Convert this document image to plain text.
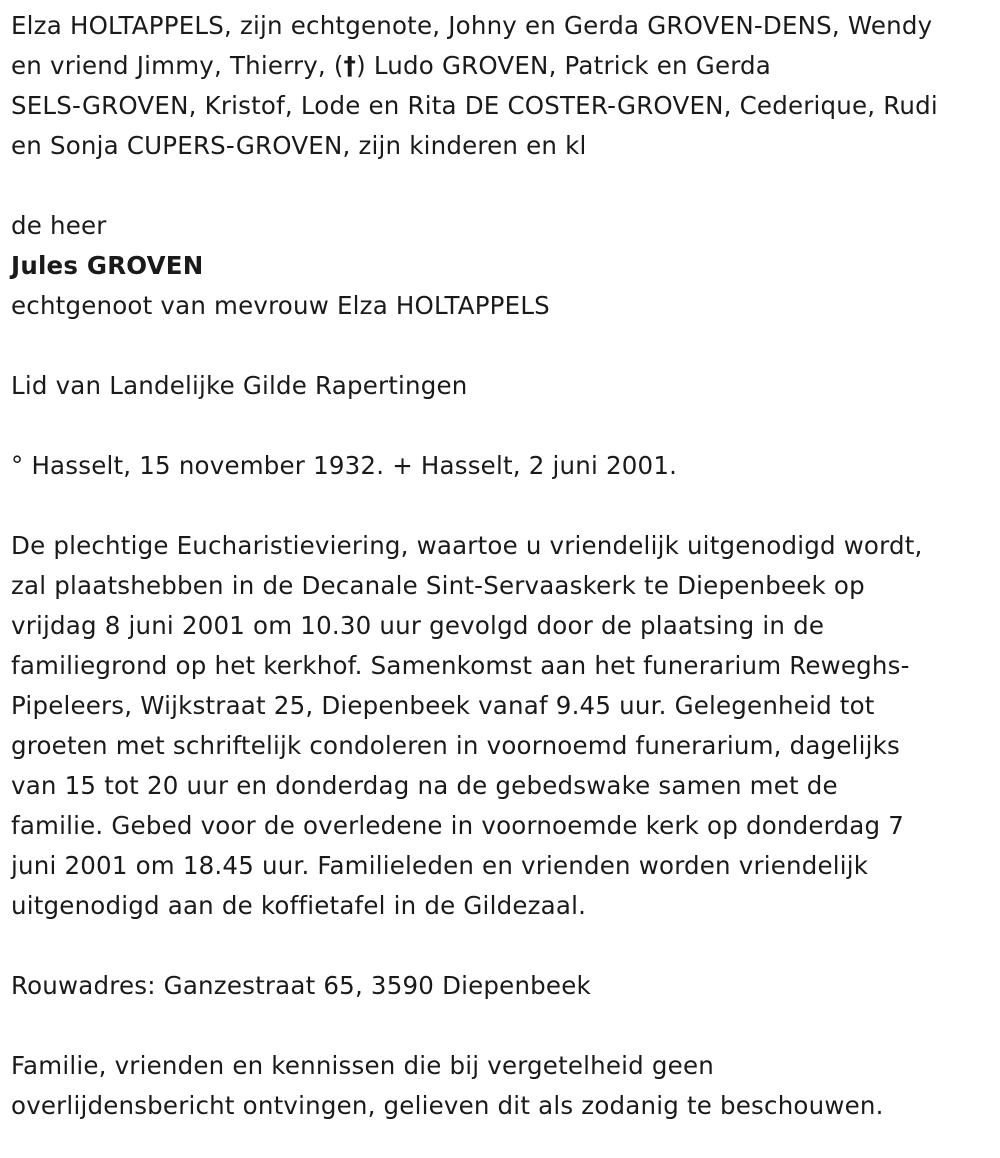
Elza HOLTAPPELS, zijn echtgenote, Johny en Gerda GROVEN-DENS, Wendy
en vriend Jimmy, Thierry, (†) Ludo GROVEN, Patrick en Gerda
SELS-GROVEN, Kristof, Lode en Rita DE COSTER-GROVEN, Cederique, Rudi
en Sonja CUPERS-GROVEN, zijn kinderen en kl
de heer
Jules GROVEN
echtgenoot van mevrouw Elza HOLTAPPELS
Lid van Landelijke Gilde Rapertingen
° Hasselt, 15 november 1932. + Hasselt, 2 juni 2001.
De plechtige Eucharistieviering, waartoe u vriendelijk uitgenodigd wordt,
zal plaatshebben in de Decanale Sint-Servaaskerk te Diepenbeek op
vrijdag 8 juni 2001 om 10.30 uur gevolgd door de plaatsing in de
familiegrond op het kerkhof. Samenkomst aan het funerarium Reweghs-
Pipeleers, Wijkstraat 25, Diepenbeek vanaf 9.45 uur. Gelegenheid tot
groeten met schriftelijk condoleren in voornoemd funerarium, dagelijks
van 15 tot 20 uur en donderdag na de gebedswake samen met de
familie. Gebed voor de overledene in voornoemde kerk op donderdag 7
juni 2001 om 18.45 uur. Familieleden en vrienden worden vriendelijk
uitgenodigd aan de koffietafel in de Gildezaal.
Rouwadres: Ganzestraat 65, 3590 Diepenbeek
Familie, vrienden en kennissen die bij vergetelheid geen
overlijdensbericht ontvingen, gelieven dit als zodanig te beschouwen.
